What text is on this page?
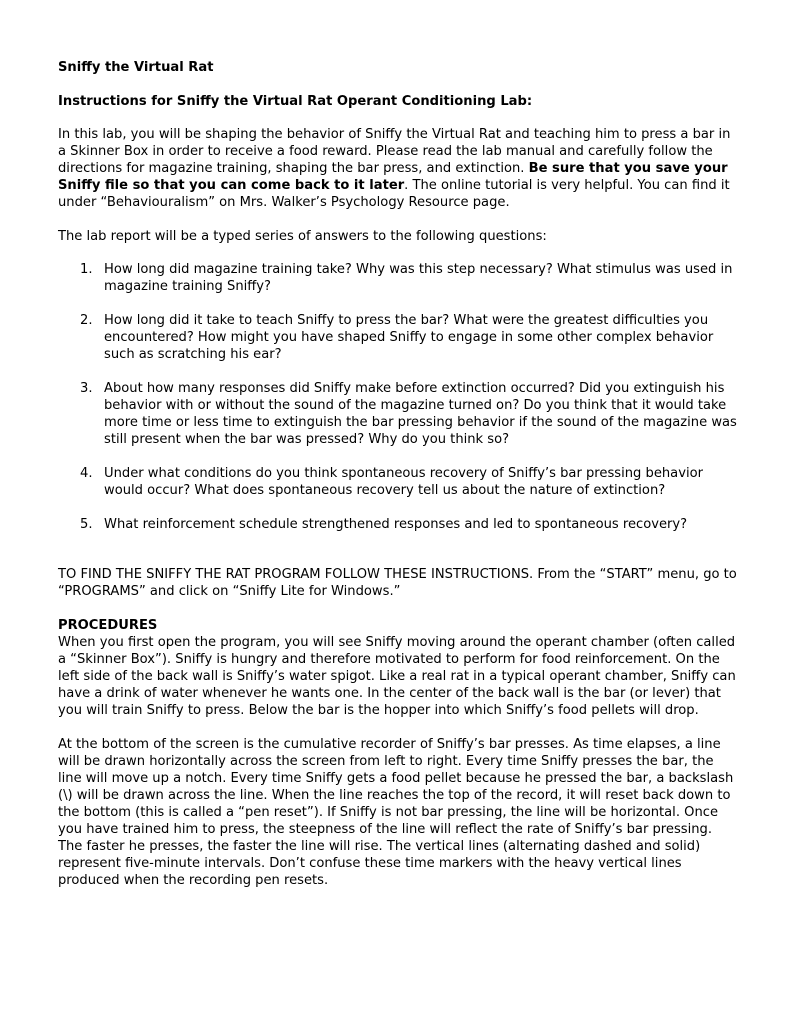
Sniffy the Virtual Rat

Instructions for Sniffy the Virtual Rat Operant Conditioning Lab:

In this lab, you will be shaping the behavior of Sniffy the Virtual Rat and teaching him to press a bar in a Skinner Box in order to receive a food reward. Please read the lab manual and carefully follow the directions for magazine training, shaping the bar press, and extinction. Be sure that you save your Sniffy file so that you can come back to it later. The online tutorial is very helpful. You can find it under “Behaviouralism” on Mrs. Walker’s Psychology Resource page.

The lab report will be a typed series of answers to the following questions:

1. How long did magazine training take? Why was this step necessary? What stimulus was used in magazine training Sniffy?
2. How long did it take to teach Sniffy to press the bar? What were the greatest difficulties you encountered? How might you have shaped Sniffy to engage in some other complex behavior such as scratching his ear?
3. About how many responses did Sniffy make before extinction occurred? Did you extinguish his behavior with or without the sound of the magazine turned on? Do you think that it would take more time or less time to extinguish the bar pressing behavior if the sound of the magazine was still present when the bar was pressed? Why do you think so?
4. Under what conditions do you think spontaneous recovery of Sniffy’s bar pressing behavior would occur? What does spontaneous recovery tell us about the nature of extinction?
5. What reinforcement schedule strengthened responses and led to spontaneous recovery?

TO FIND THE SNIFFY THE RAT PROGRAM FOLLOW THESE INSTRUCTIONS. From the “START” menu, go to “PROGRAMS” and click on “Sniffy Lite for Windows.”

PROCEDURES

When you first open the program, you will see Sniffy moving around the operant chamber (often called a “Skinner Box”). Sniffy is hungry and therefore motivated to perform for food reinforcement. On the left side of the back wall is Sniffy’s water spigot. Like a real rat in a typical operant chamber, Sniffy can have a drink of water whenever he wants one. In the center of the back wall is the bar (or lever) that you will train Sniffy to press. Below the bar is the hopper into which Sniffy’s food pellets will drop.

At the bottom of the screen is the cumulative recorder of Sniffy’s bar presses. As time elapses, a line will be drawn horizontally across the screen from left to right. Every time Sniffy presses the bar, the line will move up a notch. Every time Sniffy gets a food pellet because he pressed the bar, a backslash (\) will be drawn across the line. When the line reaches the top of the record, it will reset back down to the bottom (this is called a “pen reset”). If Sniffy is not bar pressing, the line will be horizontal. Once you have trained him to press, the steepness of the line will reflect the rate of Sniffy’s bar pressing. The faster he presses, the faster the line will rise. The vertical lines (alternating dashed and solid) represent five-minute intervals. Don’t confuse these time markers with the heavy vertical lines produced when the recording pen resets.
